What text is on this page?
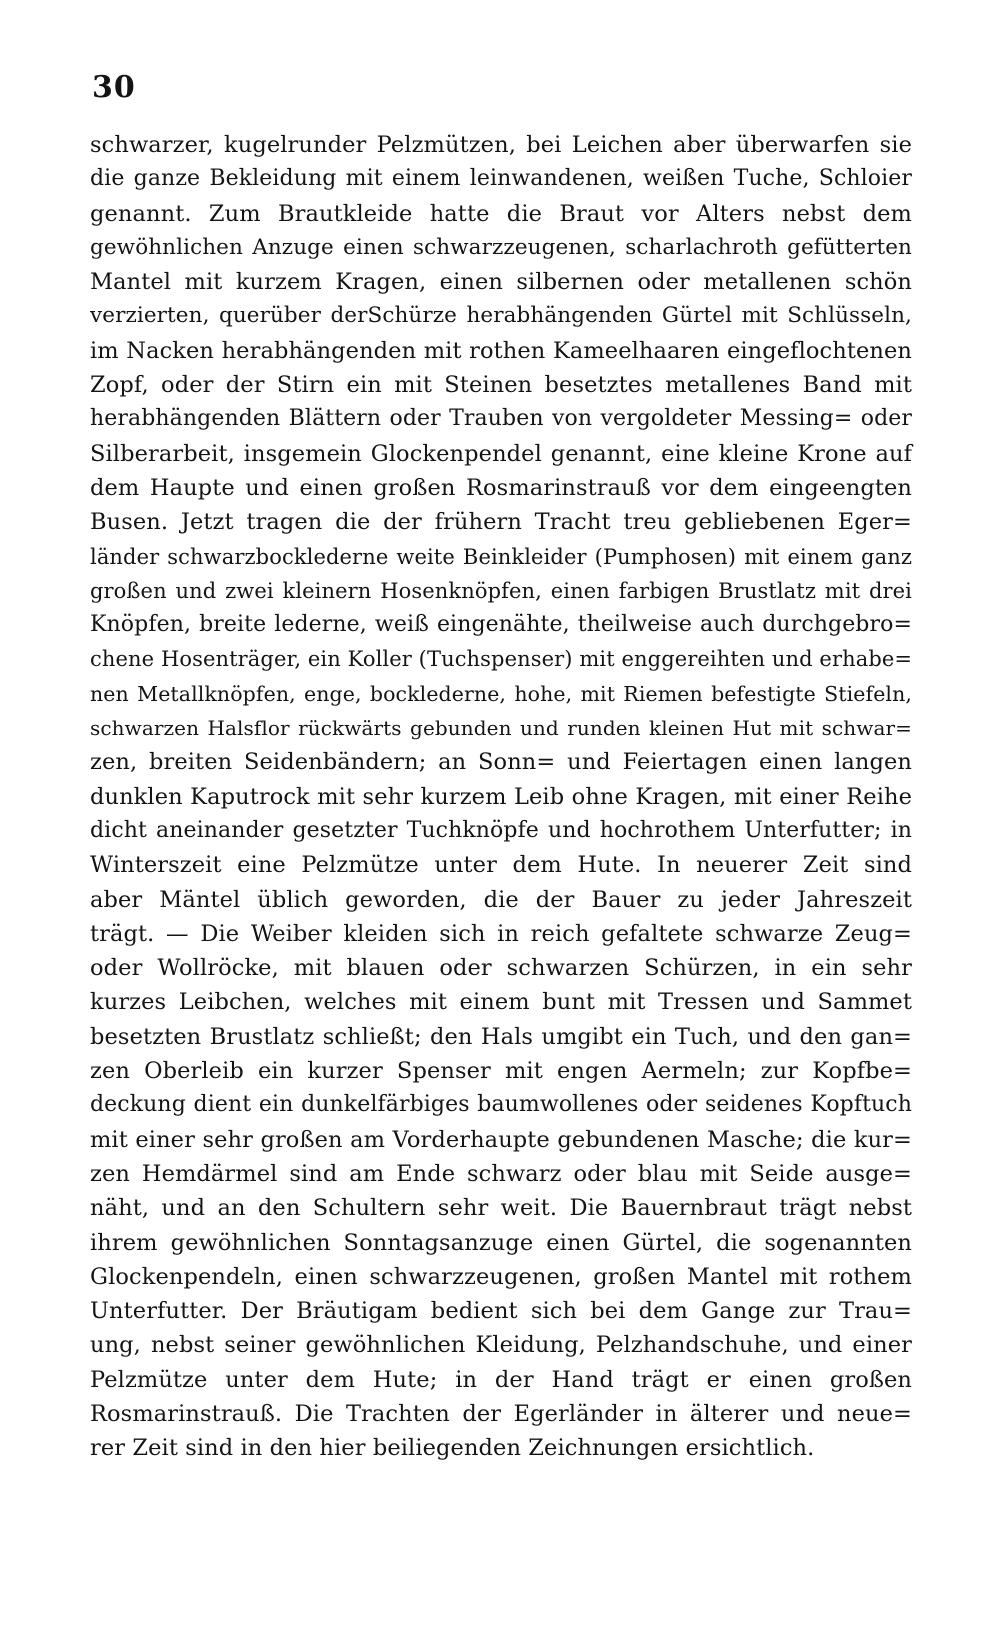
30
schwarzer, kugelrunder Pelzmützen, bei Leichen aber überwarfen sie
die ganze Bekleidung mit einem leinwandenen, weißen Tuche, Schloier
genannt. Zum Brautkleide hatte die Braut vor Alters nebst dem
gewöhnlichen Anzuge einen schwarzzeugenen, scharlachroth gefütterten
Mantel mit kurzem Kragen, einen silbernen oder metallenen schön
verzierten, querüber derSchürze herabhängenden Gürtel mit Schlüsseln,
im Nacken herabhängenden mit rothen Kameelhaaren eingeflochtenen
Zopf, oder der Stirn ein mit Steinen besetztes metallenes Band mit
herabhängenden Blättern oder Trauben von vergoldeter Messing= oder
Silberarbeit, insgemein Glockenpendel genannt, eine kleine Krone auf
dem Haupte und einen großen Rosmarinstrauß vor dem eingeengten
Busen. Jetzt tragen die der frühern Tracht treu gebliebenen Eger=
länder schwarzbocklederne weite Beinkleider (Pumphosen) mit einem ganz
großen und zwei kleinern Hosenknöpfen, einen farbigen Brustlatz mit drei
Knöpfen, breite lederne, weiß eingenähte, theilweise auch durchgebro=
chene Hosenträger, ein Koller (Tuchspenser) mit enggereihten und erhabe=
nen Metallknöpfen, enge, bocklederne, hohe, mit Riemen befestigte Stiefeln,
schwarzen Halsflor rückwärts gebunden und runden kleinen Hut mit schwar=
zen, breiten Seidenbändern; an Sonn= und Feiertagen einen langen
dunklen Kaputrock mit sehr kurzem Leib ohne Kragen, mit einer Reihe
dicht aneinander gesetzter Tuchknöpfe und hochrothem Unterfutter; in
Winterszeit eine Pelzmütze unter dem Hute. In neuerer Zeit sind
aber Mäntel üblich geworden, die der Bauer zu jeder Jahreszeit
trägt. — Die Weiber kleiden sich in reich gefaltete schwarze Zeug=
oder Wollröcke, mit blauen oder schwarzen Schürzen, in ein sehr
kurzes Leibchen, welches mit einem bunt mit Tressen und Sammet
besetzten Brustlatz schließt; den Hals umgibt ein Tuch, und den gan=
zen Oberleib ein kurzer Spenser mit engen Aermeln; zur Kopfbe=
deckung dient ein dunkelfärbiges baumwollenes oder seidenes Kopftuch
mit einer sehr großen am Vorderhaupte gebundenen Masche; die kur=
zen Hemdärmel sind am Ende schwarz oder blau mit Seide ausge=
näht, und an den Schultern sehr weit. Die Bauernbraut trägt nebst
ihrem gewöhnlichen Sonntagsanzuge einen Gürtel, die sogenannten
Glockenpendeln, einen schwarzzeugenen, großen Mantel mit rothem
Unterfutter. Der Bräutigam bedient sich bei dem Gange zur Trau=
ung, nebst seiner gewöhnlichen Kleidung, Pelzhandschuhe, und einer
Pelzmütze unter dem Hute; in der Hand trägt er einen großen
Rosmarinstrauß. Die Trachten der Egerländer in älterer und neue=
rer Zeit sind in den hier beiliegenden Zeichnungen ersichtlich.
